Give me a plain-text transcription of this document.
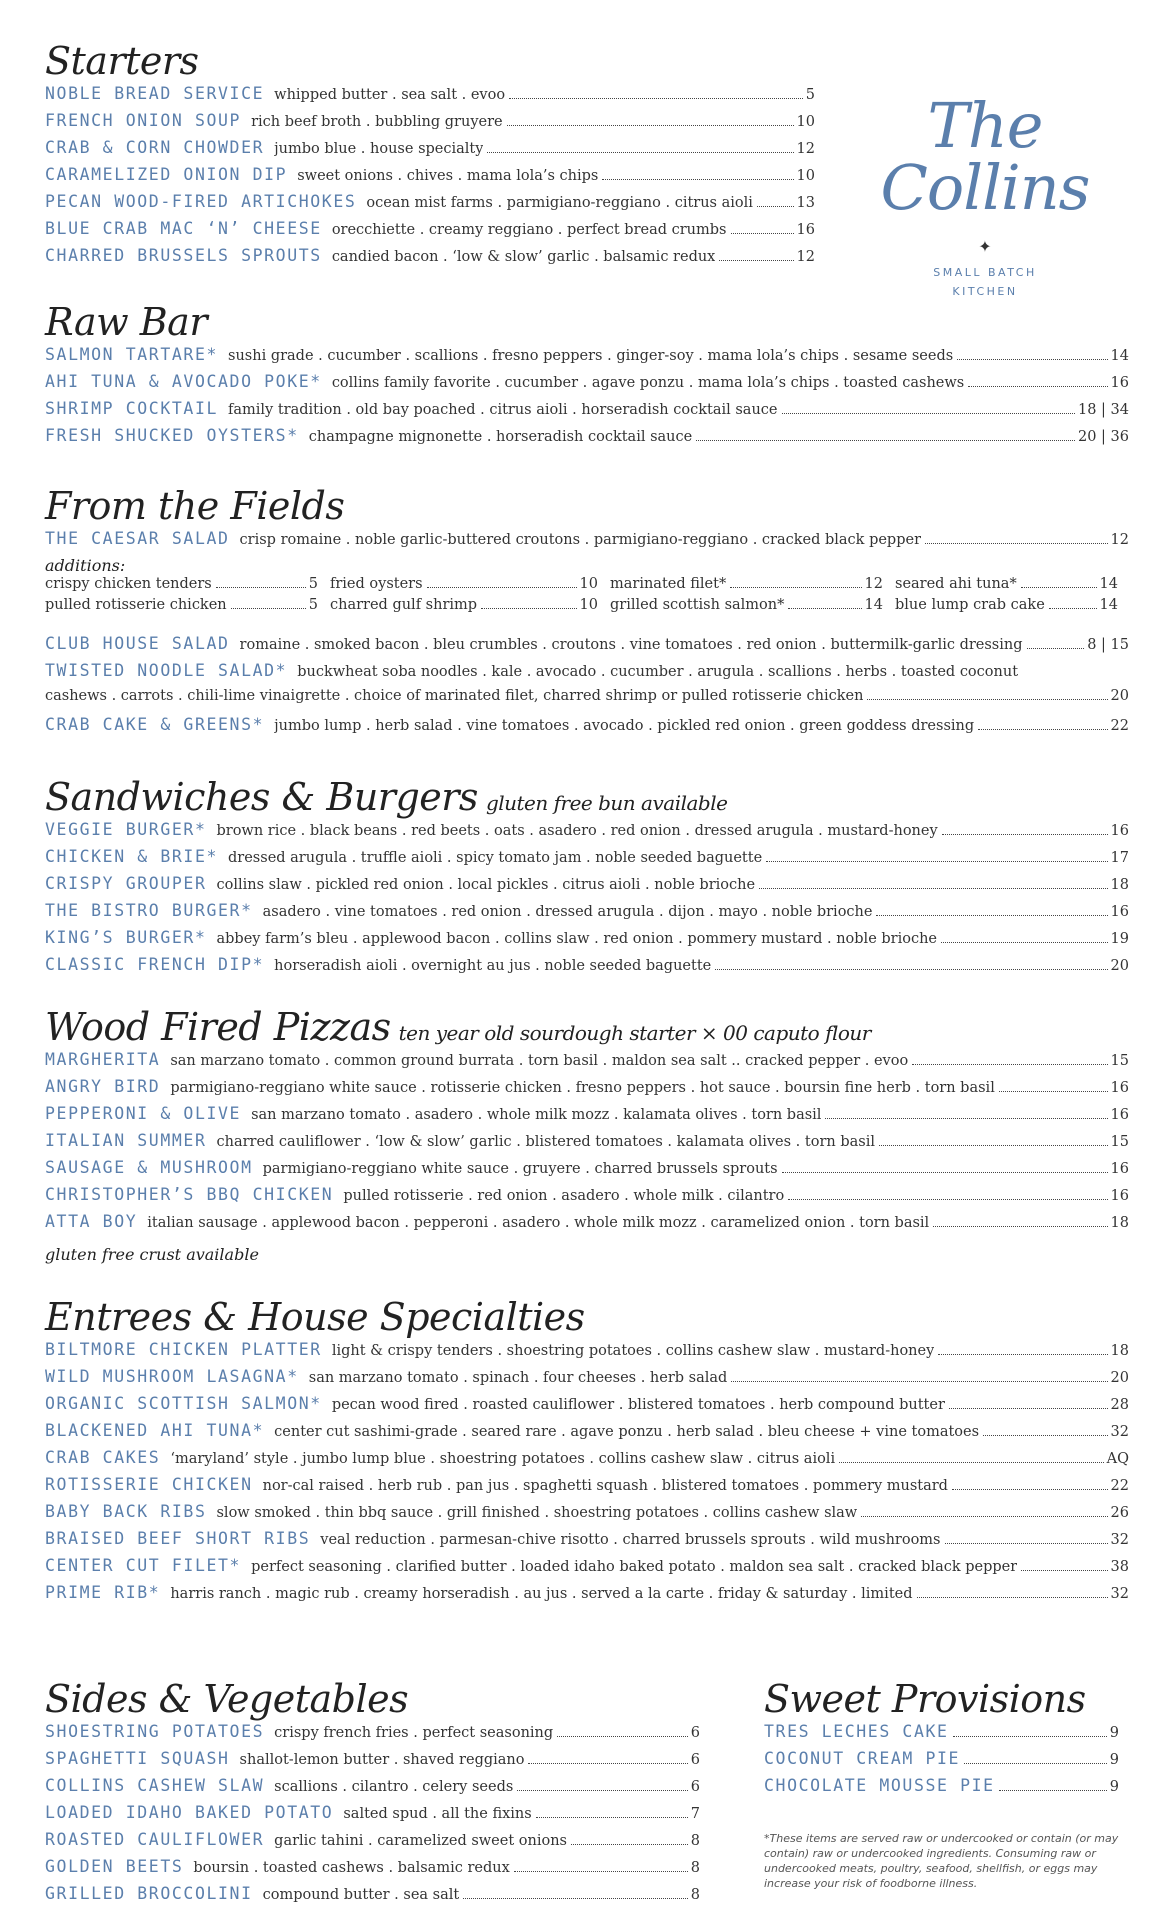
The Collins
✦
SMALL BATCH
KITCHEN
Starters
NOBLE BREAD SERVICE whipped butter . sea salt . evoo	5
FRENCH ONION SOUP rich beef broth . bubbling gruyere	10
CRAB & CORN CHOWDER jumbo blue . house specialty	12
CARAMELIZED ONION DIP sweet onions . chives . mama lola’s chips	10
PECAN WOOD-FIRED ARTICHOKES ocean mist farms . parmigiano-reggiano . citrus aioli	13
BLUE CRAB MAC ‘N’ CHEESE orecchiette . creamy reggiano . perfect bread crumbs	16
CHARRED BRUSSELS SPROUTS candied bacon . ‘low & slow’ garlic . balsamic redux	12
Raw Bar
SALMON TARTARE* sushi grade . cucumber . scallions . fresno peppers . ginger-soy . mama lola’s chips . sesame seeds	14
AHI TUNA & AVOCADO POKE* collins family favorite . cucumber . agave ponzu . mama lola’s chips . toasted cashews	16
SHRIMP COCKTAIL family tradition . old bay poached . citrus aioli . horseradish cocktail sauce	18 | 34
FRESH SHUCKED OYSTERS* champagne mignonette . horseradish cocktail sauce	20 | 36
From the Fields
THE CAESAR SALAD crisp romaine . noble garlic-buttered croutons . parmigiano-reggiano . cracked black pepper	12
additions:
crispy chicken tenders	5 fried oysters	10 marinated filet*	12 seared ahi tuna*	14
pulled rotisserie chicken	5 charred gulf shrimp	10 grilled scottish salmon*	14 blue lump crab cake	14
CLUB HOUSE SALAD romaine . smoked bacon . bleu crumbles . croutons . vine tomatoes . red onion . buttermilk-garlic dressing	8 | 15
TWISTED NOODLE SALAD* buckwheat soba noodles . kale . avocado . cucumber . arugula . scallions . herbs . toasted coconut
cashews . carrots . chili-lime vinaigrette . choice of marinated filet, charred shrimp or pulled rotisserie chicken	20
CRAB CAKE & GREENS* jumbo lump . herb salad . vine tomatoes . avocado . pickled red onion . green goddess dressing	22
Sandwiches & Burgers gluten free bun available
VEGGIE BURGER* brown rice . black beans . red beets . oats . asadero . red onion . dressed arugula . mustard-honey	16
CHICKEN & BRIE* dressed arugula . truffle aioli . spicy tomato jam . noble seeded baguette	17
CRISPY GROUPER collins slaw . pickled red onion . local pickles . citrus aioli . noble brioche	18
THE BISTRO BURGER* asadero . vine tomatoes . red onion . dressed arugula . dijon . mayo . noble brioche	16
KING’S BURGER* abbey farm’s bleu . applewood bacon . collins slaw . red onion . pommery mustard . noble brioche	19
CLASSIC FRENCH DIP* horseradish aioli . overnight au jus . noble seeded baguette	20
Wood Fired Pizzas ten year old sourdough starter × 00 caputo flour
MARGHERITA san marzano tomato . common ground burrata . torn basil . maldon sea salt .. cracked pepper . evoo	15
ANGRY BIRD parmigiano-reggiano white sauce . rotisserie chicken . fresno peppers . hot sauce . boursin fine herb . torn basil	16
PEPPERONI & OLIVE san marzano tomato . asadero . whole milk mozz . kalamata olives . torn basil	16
ITALIAN SUMMER charred cauliflower . ‘low & slow’ garlic . blistered tomatoes . kalamata olives . torn basil	15
SAUSAGE & MUSHROOM parmigiano-reggiano white sauce . gruyere . charred brussels sprouts	16
CHRISTOPHER’S BBQ CHICKEN pulled rotisserie . red onion . asadero . whole milk . cilantro	16
ATTA BOY italian sausage . applewood bacon . pepperoni . asadero . whole milk mozz . caramelized onion . torn basil	18
gluten free crust available
Entrees & House Specialties
BILTMORE CHICKEN PLATTER light & crispy tenders . shoestring potatoes . collins cashew slaw . mustard-honey	18
WILD MUSHROOM LASAGNA* san marzano tomato . spinach . four cheeses . herb salad	20
ORGANIC SCOTTISH SALMON* pecan wood fired . roasted cauliflower . blistered tomatoes . herb compound butter	28
BLACKENED AHI TUNA* center cut sashimi-grade . seared rare . agave ponzu . herb salad . bleu cheese + vine tomatoes	32
CRAB CAKES ‘maryland’ style . jumbo lump blue . shoestring potatoes . collins cashew slaw . citrus aioli	AQ
ROTISSERIE CHICKEN nor-cal raised . herb rub . pan jus . spaghetti squash . blistered tomatoes . pommery mustard	22
BABY BACK RIBS slow smoked . thin bbq sauce . grill finished . shoestring potatoes . collins cashew slaw	26
BRAISED BEEF SHORT RIBS veal reduction . parmesan-chive risotto . charred brussels sprouts . wild mushrooms	32
CENTER CUT FILET* perfect seasoning . clarified butter . loaded idaho baked potato . maldon sea salt . cracked black pepper	38
PRIME RIB* harris ranch . magic rub . creamy horseradish . au jus . served a la carte . friday & saturday . limited	32
Sides & Vegetables
SHOESTRING POTATOES crispy french fries . perfect seasoning	6
SPAGHETTI SQUASH shallot-lemon butter . shaved reggiano	6
COLLINS CASHEW SLAW scallions . cilantro . celery seeds	6
LOADED IDAHO BAKED POTATO salted spud . all the fixins	7
ROASTED CAULIFLOWER garlic tahini . caramelized sweet onions	8
GOLDEN BEETS boursin . toasted cashews . balsamic redux	8
GRILLED BROCCOLINI compound butter . sea salt	8
Sweet Provisions
TRES LECHES CAKE	9
COCONUT CREAM PIE	9
CHOCOLATE MOUSSE PIE	9
*These items are served raw or undercooked or contain (or may contain) raw or undercooked ingredients. Consuming raw or undercooked meats, poultry, seafood, shellfish, or eggs may increase your risk of foodborne illness.
